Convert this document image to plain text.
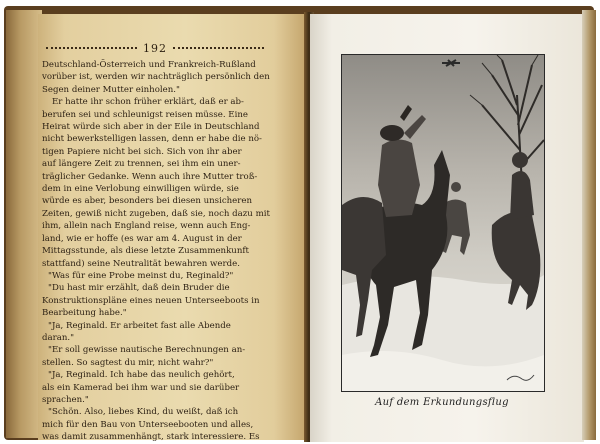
192
Deutschland-Österreich und Frankreich-Rußland
vorüber ist, werden wir nachträglich persönlich den
Segen deiner Mutter einholen."
Er hatte ihr schon früher erklärt, daß er ab-
berufen sei und schleunigst reisen müsse. Eine
Heirat würde sich aber in der Eile in Deutschland
nicht bewerkstelligen lassen, denn er habe die nö-
tigen Papiere nicht bei sich. Sich von ihr aber
auf längere Zeit zu trennen, sei ihm ein uner-
träglicher Gedanke. Wenn auch ihre Mutter troß-
dem in eine Verlobung einwilligen würde, sie
würde es aber, besonders bei diesen unsicheren
Zeiten, gewiß nicht zugeben, daß sie, noch dazu mit
ihm, allein nach England reise, wenn auch Eng-
land, wie er hoffe (es war am 4. August in der
Mittagsstunde, als diese letzte Zusammenkunft
stattfand) seine Neutralität bewahren werde.
"Was für eine Probe meinst du, Reginald?"
"Du hast mir erzählt, daß dein Bruder die
Konstruktionspläne eines neuen Unterseeboots in
Bearbeitung habe."
"Ja, Reginald. Er arbeitet fast alle Abende
daran."
"Er soll gewisse nautische Berechnungen an-
stellen. So sagtest du mir, nicht wahr?"
"Ja, Reginald. Ich habe das neulich gehört,
als ein Kamerad bei ihm war und sie darüber
sprachen."
"Schön. Also, liebes Kind, du weißt, daß ich
mich für den Bau von Unterseebooten und alles,
was damit zusammenhängt, stark interessiere. Es
Auf dem Erkundungsflug
